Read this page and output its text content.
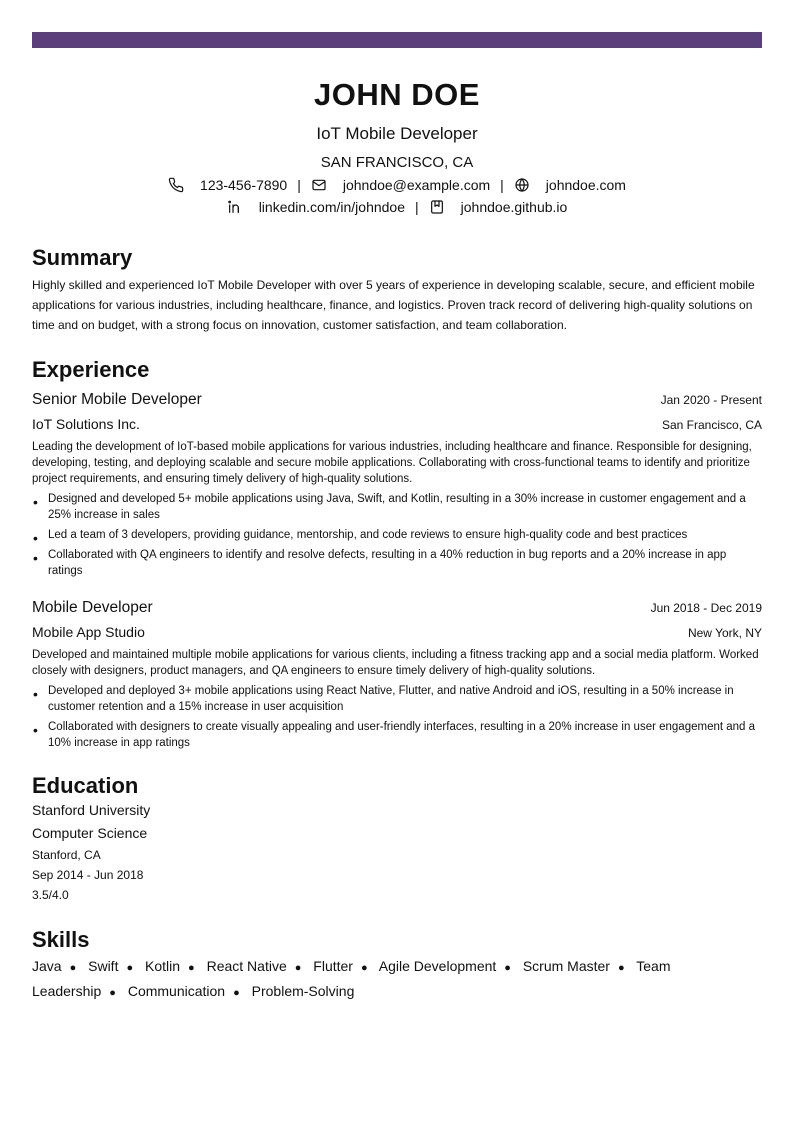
JOHN DOE
IoT Mobile Developer
SAN FRANCISCO, CA
123-456-7890 |	johndoe@example.com |	johndoe.com
linkedin.com/in/johndoe |	johndoe.github.io
Summary
Highly skilled and experienced IoT Mobile Developer with over 5 years of experience in developing scalable, secure, and efficient mobile applications for various industries, including healthcare, finance, and logistics. Proven track record of delivering high-quality solutions on time and on budget, with a strong focus on innovation, customer satisfaction, and team collaboration.
Experience
Senior Mobile Developer	Jan 2020 - Present
IoT Solutions Inc.	San Francisco, CA
Leading the development of IoT-based mobile applications for various industries, including healthcare and finance. Responsible for designing, developing, testing, and deploying scalable and secure mobile applications. Collaborating with cross-functional teams to identify and prioritize project requirements, and ensuring timely delivery of high-quality solutions.
• Designed and developed 5+ mobile applications using Java, Swift, and Kotlin, resulting in a 30% increase in customer engagement and a 25% increase in sales
• Led a team of 3 developers, providing guidance, mentorship, and code reviews to ensure high-quality code and best practices
• Collaborated with QA engineers to identify and resolve defects, resulting in a 40% reduction in bug reports and a 20% increase in app ratings
Mobile Developer	Jun 2018 - Dec 2019
Mobile App Studio	New York, NY
Developed and maintained multiple mobile applications for various clients, including a fitness tracking app and a social media platform. Worked closely with designers, product managers, and QA engineers to ensure timely delivery of high-quality solutions.
• Developed and deployed 3+ mobile applications using React Native, Flutter, and native Android and iOS, resulting in a 50% increase in customer retention and a 15% increase in user acquisition
• Collaborated with designers to create visually appealing and user-friendly interfaces, resulting in a 20% increase in user engagement and a 10% increase in app ratings
Education
Stanford University
Computer Science
Stanford, CA
Sep 2014 - Jun 2018
3.5/4.0
Skills
Java ● Swift ● Kotlin ● React Native ● Flutter ● Agile Development ● Scrum Master ● Team Leadership ● Communication ● Problem-Solving
